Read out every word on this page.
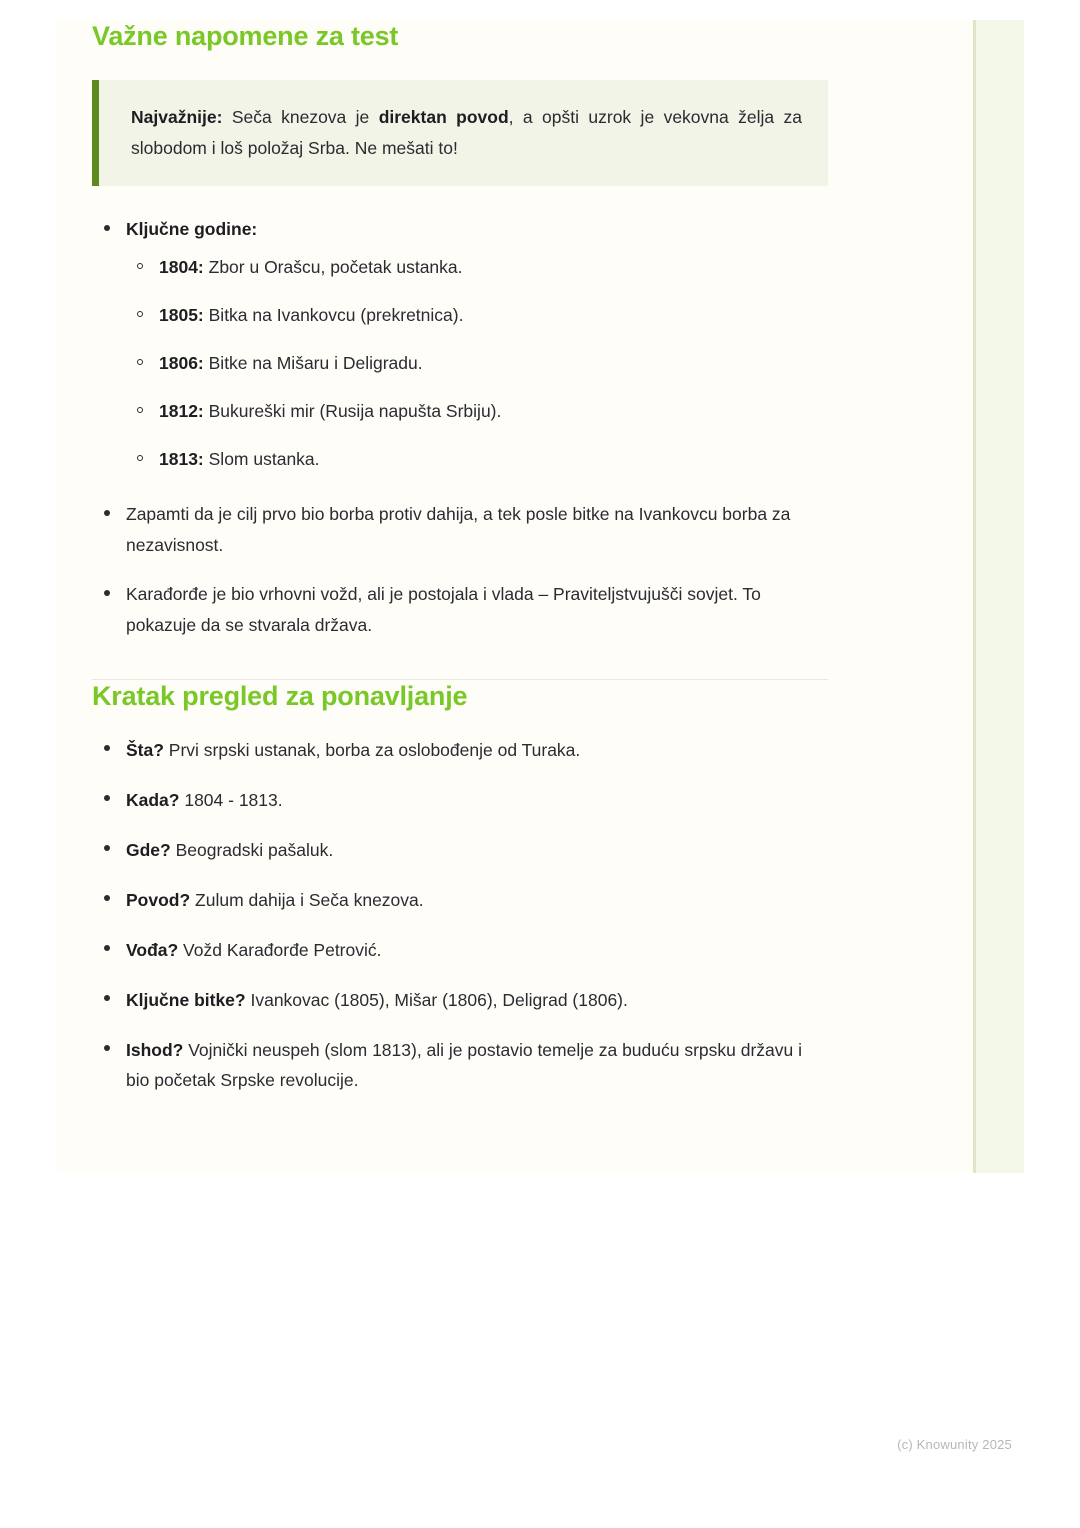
Važne napomene za test

Najvažnije: Seča knezova je direktan povod, a opšti uzrok je vekovna želja za slobodom i loš položaj Srba. Ne mešati to!

Ključne godine:
1804: Zbor u Orašcu, početak ustanka.
1805: Bitka na Ivankovcu (prekretnica).
1806: Bitke na Mišaru i Deligradu.
1812: Bukureški mir (Rusija napušta Srbiju).
1813: Slom ustanka.
Zapamti da je cilj prvo bio borba protiv dahija, a tek posle bitke na Ivankovcu borba za nezavisnost.
Karađorđe je bio vrhovni vožd, ali je postojala i vlada – Praviteljstvujušči sovjet. To pokazuje da se stvarala država.
Kratak pregled za ponavljanje
Šta? Prvi srpski ustanak, borba za oslobođenje od Turaka.
Kada? 1804 - 1813.
Gde? Beogradski pašaluk.
Povod? Zulum dahija i Seča knezova.
Vođa? Vožd Karađorđe Petrović.
Ključne bitke? Ivankovac (1805), Mišar (1806), Deligrad (1806).
Ishod? Vojnički neuspeh (slom 1813), ali je postavio temelje za buduću srpsku državu i bio početak Srpske revolucije.
(c) Knowunity 2025
